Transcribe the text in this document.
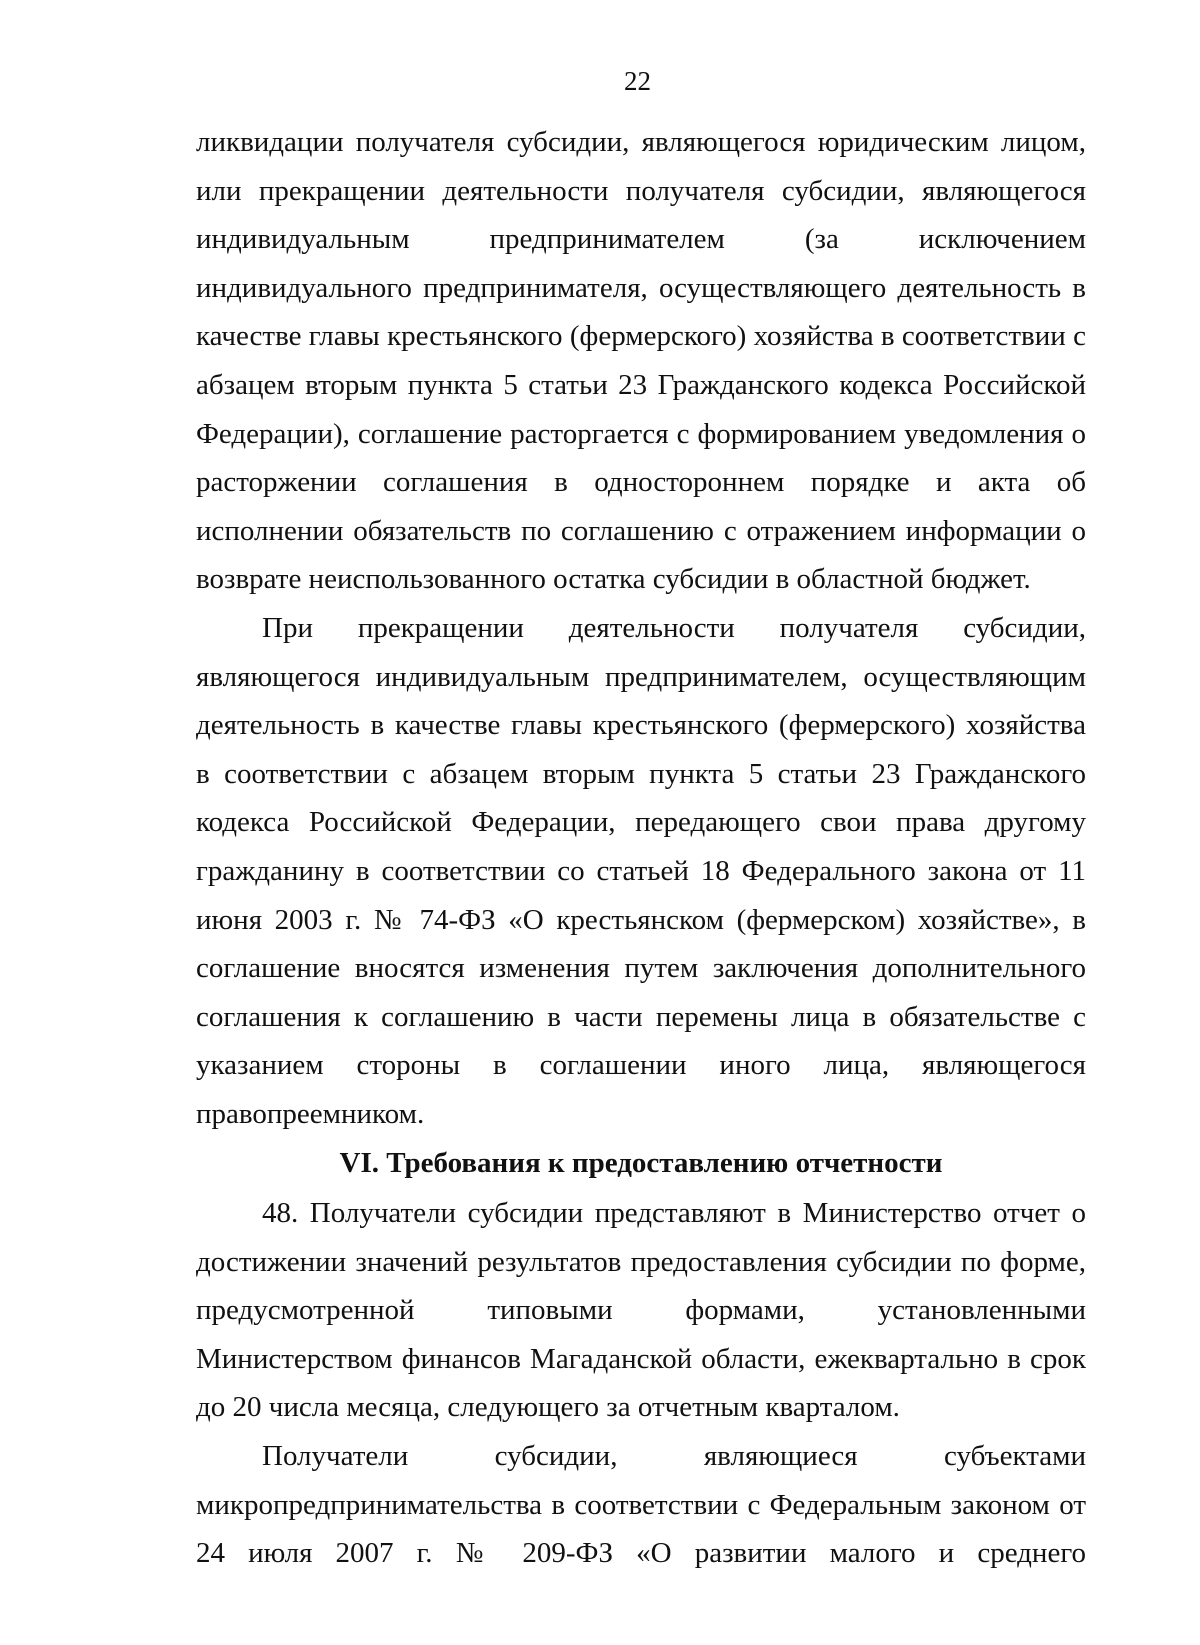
22

ликвидации получателя субсидии, являющегося юридическим лицом, или прекращении деятельности получателя субсидии, являющегося индивидуальным предпринимателем (за исключением индивидуального предпринимателя, осуществляющего деятельность в качестве главы крестьянского (фермерского) хозяйства в соответствии с абзацем вторым пункта 5 статьи 23 Гражданского кодекса Российской Федерации), соглашение расторгается с формированием уведомления о расторжении соглашения в одностороннем порядке и акта об исполнении обязательств по соглашению с отражением информации о возврате неиспользованного остатка субсидии в областной бюджет.

При прекращении деятельности получателя субсидии, являющегося индивидуальным предпринимателем, осуществляющим деятельность в качестве главы крестьянского (фермерского) хозяйства в соответствии с абзацем вторым пункта 5 статьи 23 Гражданского кодекса Российской Федерации, передающего свои права другому гражданину в соответствии со статьей 18 Федерального закона от 11 июня 2003 г. № 74-ФЗ «О крестьянском (фермерском) хозяйстве», в соглашение вносятся изменения путем заключения дополнительного соглашения к соглашению в части перемены лица в обязательстве с указанием стороны в соглашении иного лица, являющегося правопреемником.

VI. Требования к предоставлению отчетности

48. Получатели субсидии представляют в Министерство отчет о достижении значений результатов предоставления субсидии по форме, предусмотренной типовыми формами, установленными Министерством финансов Магаданской области, ежеквартально в срок до 20 числа месяца, следующего за отчетным кварталом.

Получатели субсидии, являющиеся субъектами микропредпринимательства в соответствии с Федеральным законом от 24 июля 2007 г. № 209-ФЗ «О развитии малого и среднего
